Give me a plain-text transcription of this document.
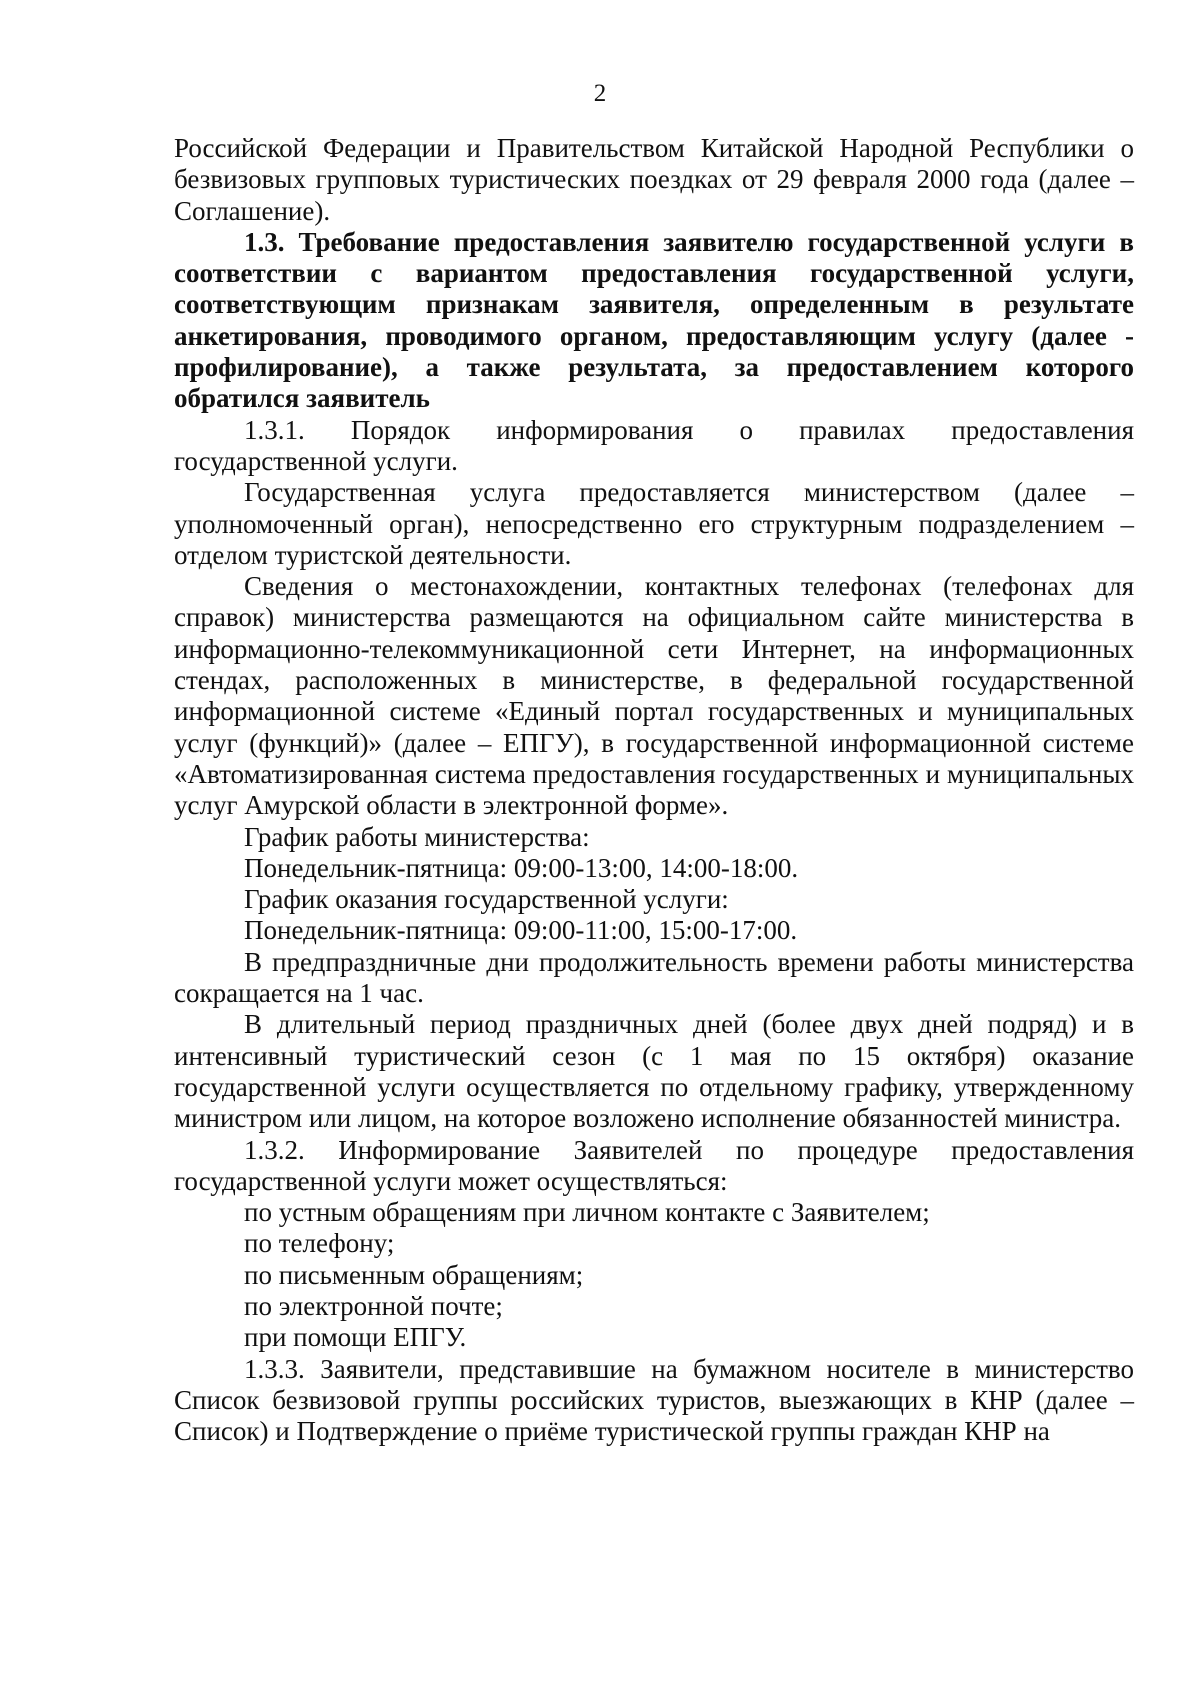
2

Российской Федерации и Правительством Китайской Народной Республики о безвизовых групповых туристических поездках от 29 февраля 2000 года (далее – Соглашение).

1.3. Требование предоставления заявителю государственной услуги в соответствии с вариантом предоставления государственной услуги, соответствующим признакам заявителя, определенным в результате анкетирования, проводимого органом, предоставляющим услугу (далее - профилирование), а также результата, за предоставлением которого обратился заявитель

1.3.1. Порядок информирования о правилах предоставления государственной услуги.

Государственная услуга предоставляется министерством (далее – уполномоченный орган), непосредственно его структурным подразделением – отделом туристской деятельности.

Сведения о местонахождении, контактных телефонах (телефонах для справок) министерства размещаются на официальном сайте министерства в информационно-телекоммуникационной сети Интернет, на информационных стендах, расположенных в министерстве, в федеральной государственной информационной системе «Единый портал государственных и муниципальных услуг (функций)» (далее – ЕПГУ), в государственной информационной системе «Автоматизированная система предоставления государственных и муниципальных услуг Амурской области в электронной форме».

График работы министерства:

Понедельник-пятница: 09:00-13:00, 14:00-18:00.

График оказания государственной услуги:

Понедельник-пятница: 09:00-11:00, 15:00-17:00.

В предпраздничные дни продолжительность времени работы министерства сокращается на 1 час.

В длительный период праздничных дней (более двух дней подряд) и в интенсивный туристический сезон (с 1 мая по 15 октября) оказание государственной услуги осуществляется по отдельному графику, утвержденному министром или лицом, на которое возложено исполнение обязанностей министра.

1.3.2. Информирование Заявителей по процедуре предоставления государственной услуги может осуществляться:

по устным обращениям при личном контакте с Заявителем;

по телефону;

по письменным обращениям;

по электронной почте;

при помощи ЕПГУ.

1.3.3. Заявители, представившие на бумажном носителе в министерство Список безвизовой группы российских туристов, выезжающих в КНР (далее – Список) и Подтверждение о приёме туристической группы граждан КНР на
